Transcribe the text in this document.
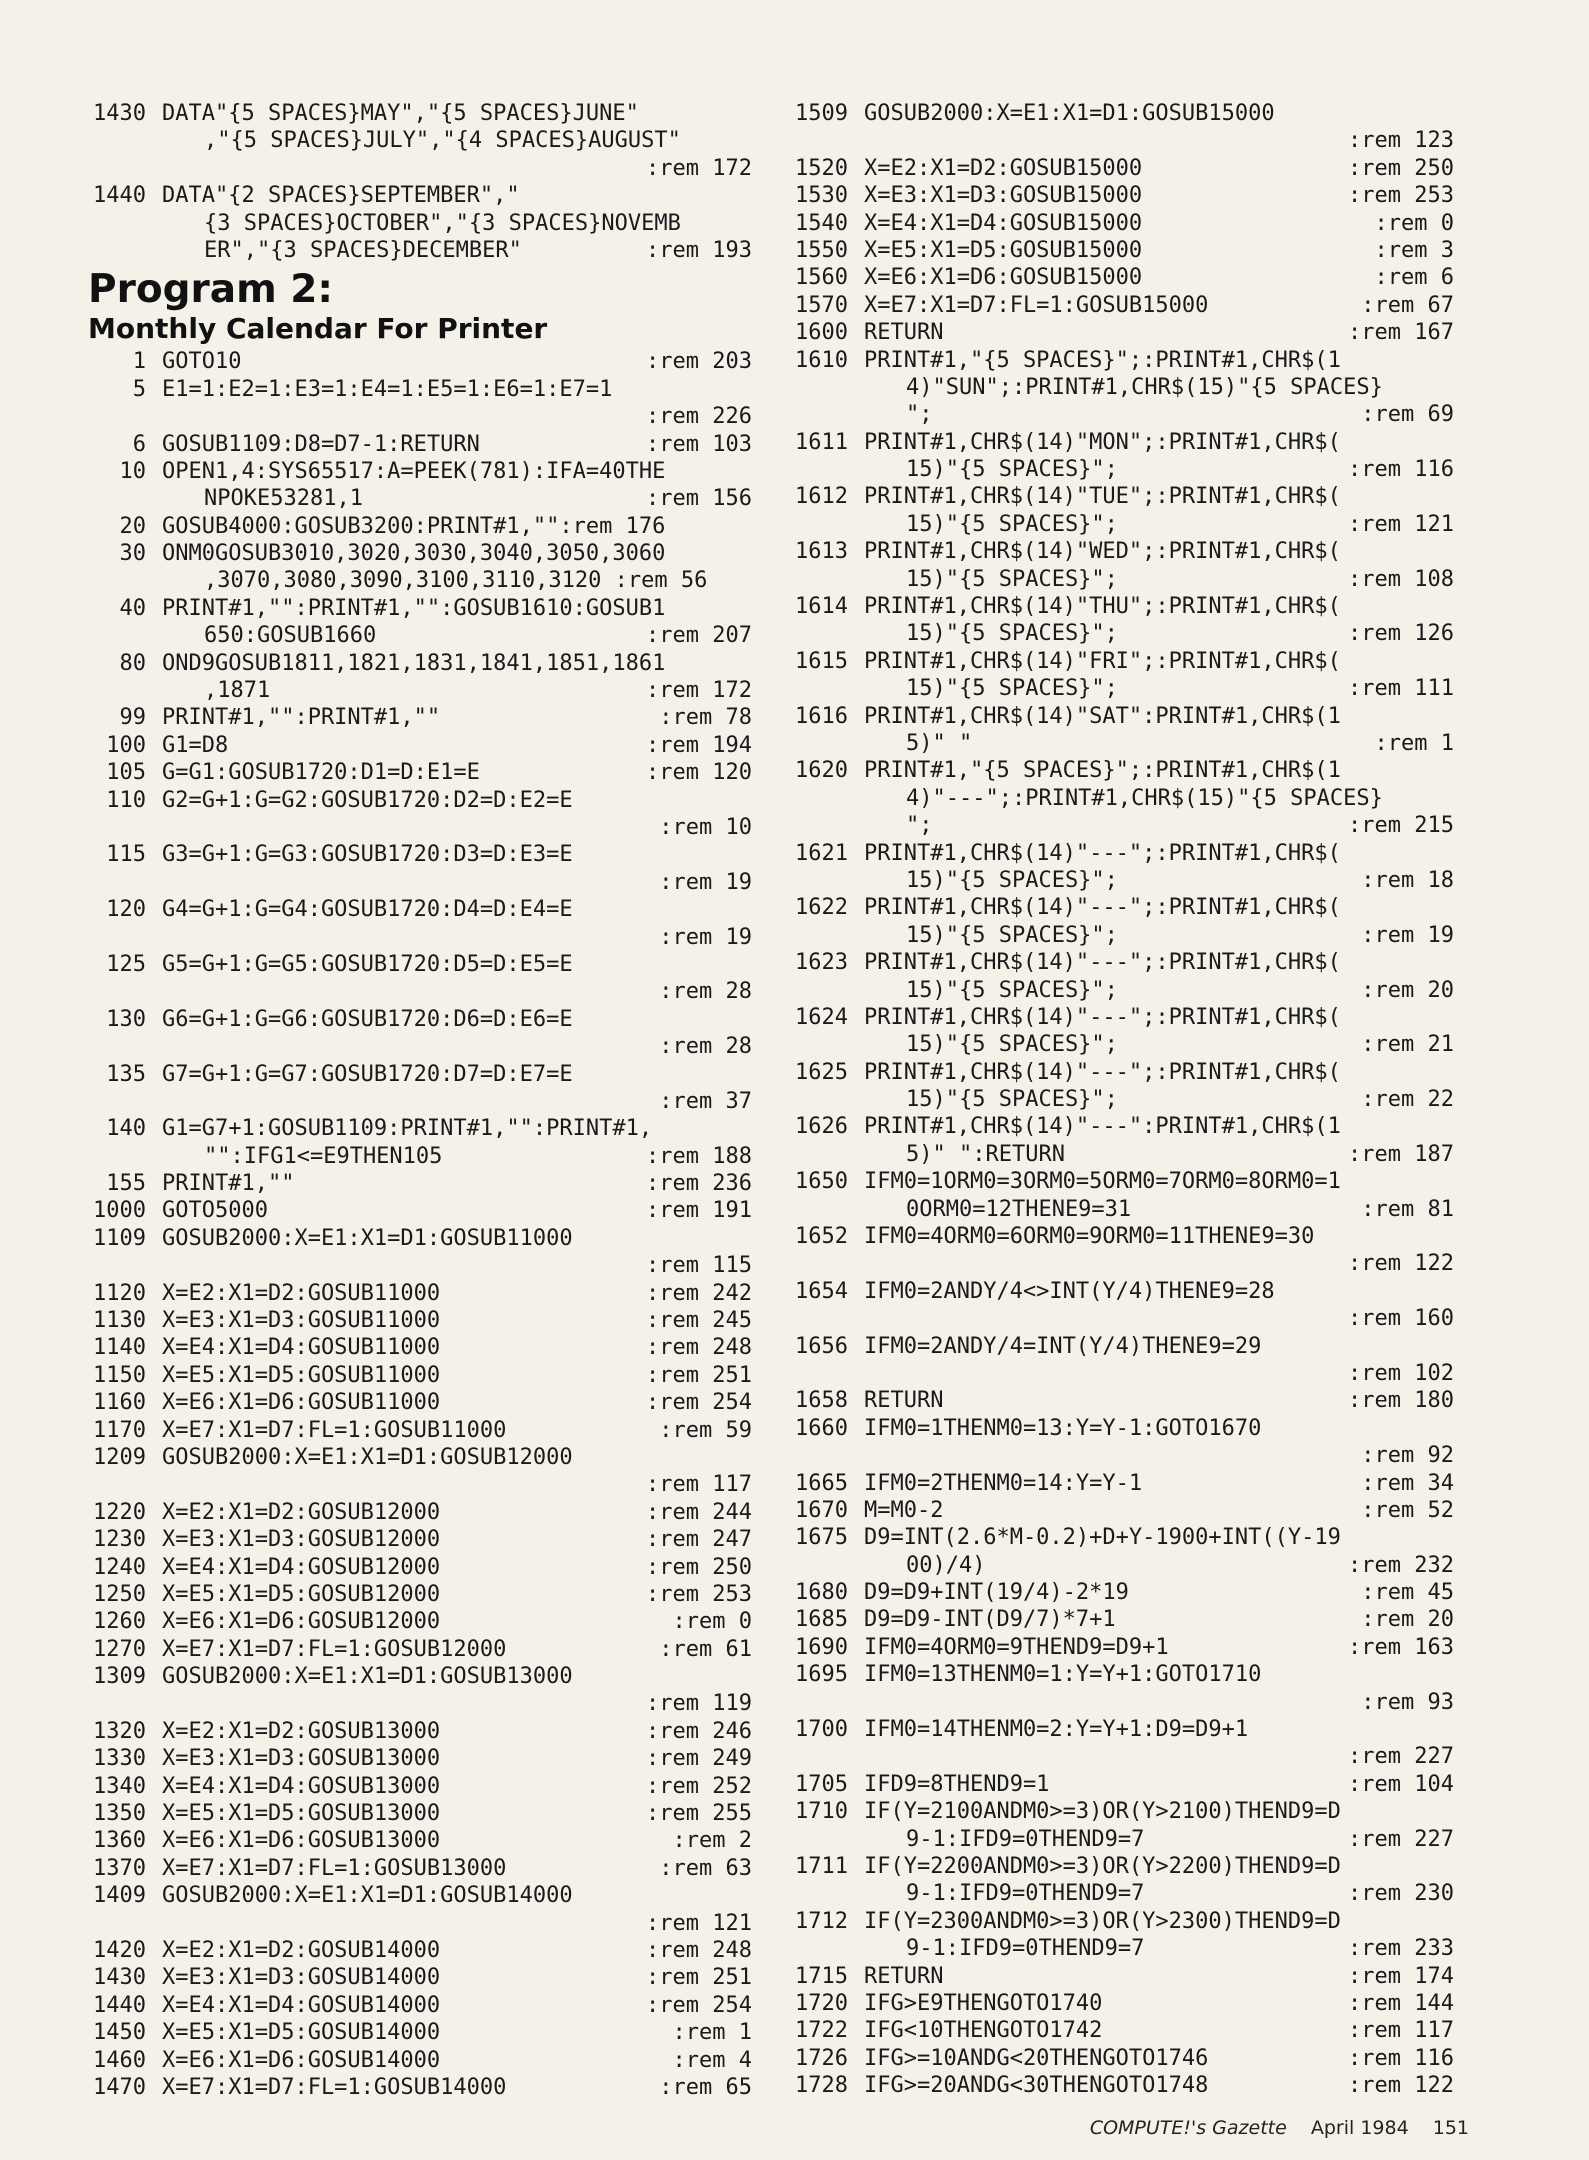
1430 DATA"{5 SPACES}MAY","{5 SPACES}JUNE"
,"{5 SPACES}JULY","{4 SPACES}AUGUST"
:rem 172
1440 DATA"{2 SPACES}SEPTEMBER","
{3 SPACES}OCTOBER","{3 SPACES}NOVEMB
ER","{3 SPACES}DECEMBER"	:rem 193
Program 2:
Monthly Calendar For Printer
1 GOTO10	:rem 203
5 E1=1:E2=1:E3=1:E4=1:E5=1:E6=1:E7=1
:rem 226
6 GOSUB1109:D8=D7-1:RETURN	:rem 103
10 OPEN1,4:SYS65517:A=PEEK(781):IFA=40THE
NPOKE53281,1	:rem 156
20 GOSUB4000:GOSUB3200:PRINT#1,"":rem 176
30 ONM0GOSUB3010,3020,3030,3040,3050,3060
,3070,3080,3090,3100,3110,3120 :rem 56
40 PRINT#1,"":PRINT#1,"":GOSUB1610:GOSUB1
650:GOSUB1660	:rem 207
80 OND9GOSUB1811,1821,1831,1841,1851,1861
,1871	:rem 172
99 PRINT#1,"":PRINT#1,""	:rem 78
100 G1=D8	:rem 194
105 G=G1:GOSUB1720:D1=D:E1=E	:rem 120
110 G2=G+1:G=G2:GOSUB1720:D2=D:E2=E
:rem 10
115 G3=G+1:G=G3:GOSUB1720:D3=D:E3=E
:rem 19
120 G4=G+1:G=G4:GOSUB1720:D4=D:E4=E
:rem 19
125 G5=G+1:G=G5:GOSUB1720:D5=D:E5=E
:rem 28
130 G6=G+1:G=G6:GOSUB1720:D6=D:E6=E
:rem 28
135 G7=G+1:G=G7:GOSUB1720:D7=D:E7=E
:rem 37
140 G1=G7+1:GOSUB1109:PRINT#1,"":PRINT#1,
"":IFG1<=E9THEN105	:rem 188
155 PRINT#1,""	:rem 236
1000 GOTO5000	:rem 191
1109 GOSUB2000:X=E1:X1=D1:GOSUB11000
:rem 115
1120 X=E2:X1=D2:GOSUB11000	:rem 242
1130 X=E3:X1=D3:GOSUB11000	:rem 245
1140 X=E4:X1=D4:GOSUB11000	:rem 248
1150 X=E5:X1=D5:GOSUB11000	:rem 251
1160 X=E6:X1=D6:GOSUB11000	:rem 254
1170 X=E7:X1=D7:FL=1:GOSUB11000	:rem 59
1209 GOSUB2000:X=E1:X1=D1:GOSUB12000
:rem 117
1220 X=E2:X1=D2:GOSUB12000	:rem 244
1230 X=E3:X1=D3:GOSUB12000	:rem 247
1240 X=E4:X1=D4:GOSUB12000	:rem 250
1250 X=E5:X1=D5:GOSUB12000	:rem 253
1260 X=E6:X1=D6:GOSUB12000	:rem 0
1270 X=E7:X1=D7:FL=1:GOSUB12000	:rem 61
1309 GOSUB2000:X=E1:X1=D1:GOSUB13000
:rem 119
1320 X=E2:X1=D2:GOSUB13000	:rem 246
1330 X=E3:X1=D3:GOSUB13000	:rem 249
1340 X=E4:X1=D4:GOSUB13000	:rem 252
1350 X=E5:X1=D5:GOSUB13000	:rem 255
1360 X=E6:X1=D6:GOSUB13000	:rem 2
1370 X=E7:X1=D7:FL=1:GOSUB13000	:rem 63
1409 GOSUB2000:X=E1:X1=D1:GOSUB14000
:rem 121
1420 X=E2:X1=D2:GOSUB14000	:rem 248
1430 X=E3:X1=D3:GOSUB14000	:rem 251
1440 X=E4:X1=D4:GOSUB14000	:rem 254
1450 X=E5:X1=D5:GOSUB14000	:rem 1
1460 X=E6:X1=D6:GOSUB14000	:rem 4
1470 X=E7:X1=D7:FL=1:GOSUB14000	:rem 65
1509 GOSUB2000:X=E1:X1=D1:GOSUB15000
:rem 123
1520 X=E2:X1=D2:GOSUB15000	:rem 250
1530 X=E3:X1=D3:GOSUB15000	:rem 253
1540 X=E4:X1=D4:GOSUB15000	:rem 0
1550 X=E5:X1=D5:GOSUB15000	:rem 3
1560 X=E6:X1=D6:GOSUB15000	:rem 6
1570 X=E7:X1=D7:FL=1:GOSUB15000	:rem 67
1600 RETURN	:rem 167
1610 PRINT#1,"{5 SPACES}";:PRINT#1,CHR$(1
4)"SUN";:PRINT#1,CHR$(15)"{5 SPACES}
";	:rem 69
1611 PRINT#1,CHR$(14)"MON";:PRINT#1,CHR$(
15)"{5 SPACES}";	:rem 116
1612 PRINT#1,CHR$(14)"TUE";:PRINT#1,CHR$(
15)"{5 SPACES}";	:rem 121
1613 PRINT#1,CHR$(14)"WED";:PRINT#1,CHR$(
15)"{5 SPACES}";	:rem 108
1614 PRINT#1,CHR$(14)"THU";:PRINT#1,CHR$(
15)"{5 SPACES}";	:rem 126
1615 PRINT#1,CHR$(14)"FRI";:PRINT#1,CHR$(
15)"{5 SPACES}";	:rem 111
1616 PRINT#1,CHR$(14)"SAT":PRINT#1,CHR$(1
5)" "	:rem 1
1620 PRINT#1,"{5 SPACES}";:PRINT#1,CHR$(1
4)"---";:PRINT#1,CHR$(15)"{5 SPACES}
";	:rem 215
1621 PRINT#1,CHR$(14)"---";:PRINT#1,CHR$(
15)"{5 SPACES}";	:rem 18
1622 PRINT#1,CHR$(14)"---";:PRINT#1,CHR$(
15)"{5 SPACES}";	:rem 19
1623 PRINT#1,CHR$(14)"---";:PRINT#1,CHR$(
15)"{5 SPACES}";	:rem 20
1624 PRINT#1,CHR$(14)"---";:PRINT#1,CHR$(
15)"{5 SPACES}";	:rem 21
1625 PRINT#1,CHR$(14)"---";:PRINT#1,CHR$(
15)"{5 SPACES}";	:rem 22
1626 PRINT#1,CHR$(14)"---":PRINT#1,CHR$(1
5)" ":RETURN	:rem 187
1650 IFM0=1ORM0=3ORM0=5ORM0=7ORM0=8ORM0=1
0ORM0=12THENE9=31	:rem 81
1652 IFM0=4ORM0=6ORM0=9ORM0=11THENE9=30
:rem 122
1654 IFM0=2ANDY/4<>INT(Y/4)THENE9=28
:rem 160
1656 IFM0=2ANDY/4=INT(Y/4)THENE9=29
:rem 102
1658 RETURN	:rem 180
1660 IFM0=1THENM0=13:Y=Y-1:GOTO1670
:rem 92
1665 IFM0=2THENM0=14:Y=Y-1	:rem 34
1670 M=M0-2	:rem 52
1675 D9=INT(2.6*M-0.2)+D+Y-1900+INT((Y-19
00)/4)	:rem 232
1680 D9=D9+INT(19/4)-2*19	:rem 45
1685 D9=D9-INT(D9/7)*7+1	:rem 20
1690 IFM0=4ORM0=9THEND9=D9+1	:rem 163
1695 IFM0=13THENM0=1:Y=Y+1:GOTO1710
:rem 93
1700 IFM0=14THENM0=2:Y=Y+1:D9=D9+1
:rem 227
1705 IFD9=8THEND9=1	:rem 104
1710 IF(Y=2100ANDM0>=3)OR(Y>2100)THEND9=D
9-1:IFD9=0THEND9=7	:rem 227
1711 IF(Y=2200ANDM0>=3)OR(Y>2200)THEND9=D
9-1:IFD9=0THEND9=7	:rem 230
1712 IF(Y=2300ANDM0>=3)OR(Y>2300)THEND9=D
9-1:IFD9=0THEND9=7	:rem 233
1715 RETURN	:rem 174
1720 IFG>E9THENGOTO1740	:rem 144
1722 IFG<10THENGOTO1742	:rem 117
1726 IFG>=10ANDG<20THENGOTO1746	:rem 116
1728 IFG>=20ANDG<30THENGOTO1748	:rem 122
COMPUTE!'s Gazette April 1984 151
